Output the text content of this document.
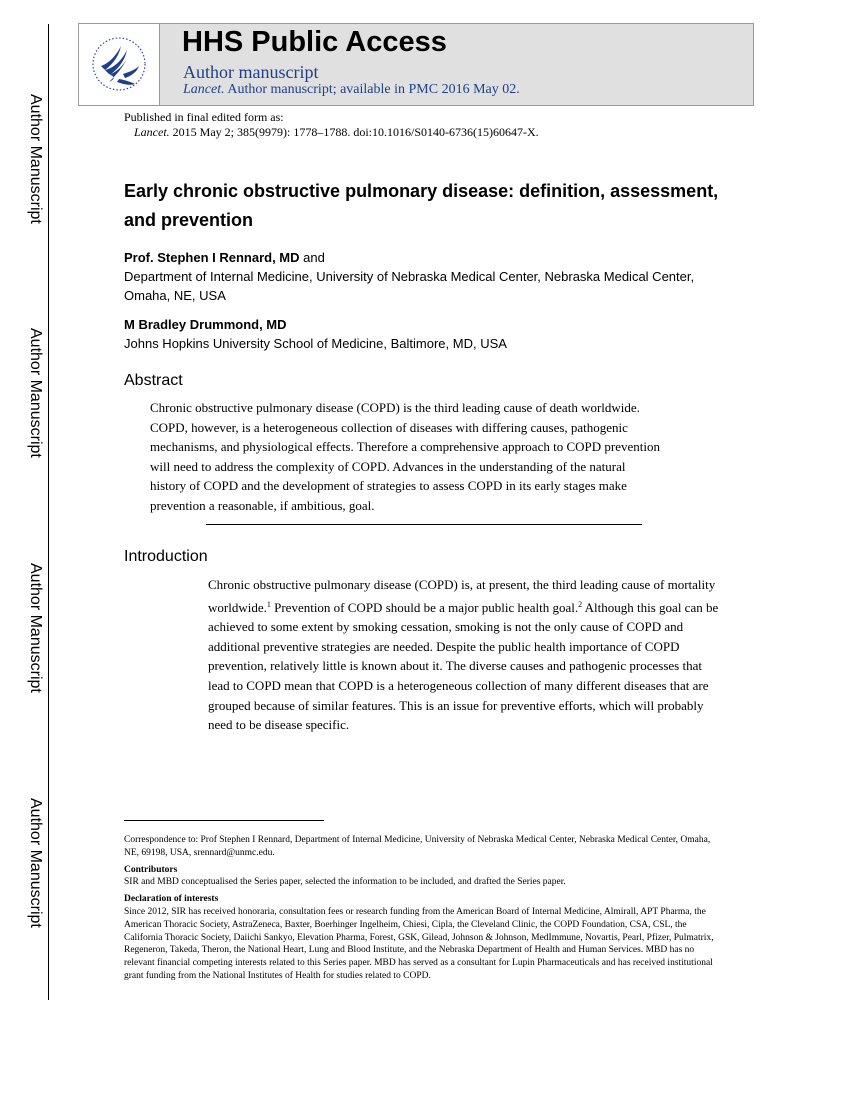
Author Manuscript
Author Manuscript
Author Manuscript
Author Manuscript
HHS Public Access
Author manuscript
Lancet. Author manuscript; available in PMC 2016 May 02.
Published in final edited form as:
Lancet. 2015 May 2; 385(9979): 1778–1788. doi:10.1016/S0140-6736(15)60647-X.
Early chronic obstructive pulmonary disease: definition, assessment, and prevention
Prof. Stephen I Rennard, MD and
Department of Internal Medicine, University of Nebraska Medical Center, Nebraska Medical Center, Omaha, NE, USA
M Bradley Drummond, MD
Johns Hopkins University School of Medicine, Baltimore, MD, USA
Abstract
Chronic obstructive pulmonary disease (COPD) is the third leading cause of death worldwide. COPD, however, is a heterogeneous collection of diseases with differing causes, pathogenic mechanisms, and physiological effects. Therefore a comprehensive approach to COPD prevention will need to address the complexity of COPD. Advances in the understanding of the natural history of COPD and the development of strategies to assess COPD in its early stages make prevention a reasonable, if ambitious, goal.
Introduction
Chronic obstructive pulmonary disease (COPD) is, at present, the third leading cause of mortality worldwide.$^1$ Prevention of COPD should be a major public health goal.$^2$ Although this goal can be achieved to some extent by smoking cessation, smoking is not the only cause of COPD and additional preventive strategies are needed. Despite the public health importance of COPD prevention, relatively little is known about it. The diverse causes and pathogenic processes that lead to COPD mean that COPD is a heterogeneous collection of many different diseases that are grouped because of similar features. This is an issue for preventive efforts, which will probably need to be disease specific.

Correspondence to: Prof Stephen I Rennard, Department of Internal Medicine, University of Nebraska Medical Center, Nebraska Medical Center, Omaha, NE, 69198, USA, srennard@unmc.edu.

Contributors

SIR and MBD conceptualised the Series paper, selected the information to be included, and drafted the Series paper.

Declaration of interests

Since 2012, SIR has received honoraria, consultation fees or research funding from the American Board of Internal Medicine, Almirall, APT Pharma, the American Thoracic Society, AstraZeneca, Baxter, Boerhinger Ingelheim, Chiesi, Cipla, the Cleveland Clinic, the COPD Foundation, CSA, CSL, the California Thoracic Society, Daiichi Sankyo, Elevation Pharma, Forest, GSK, Gilead, Johnson & Johnson, MedImmune, Novartis, Pearl, Pfizer, Pulmatrix, Regeneron, Takeda, Theron, the National Heart, Lung and Blood Institute, and the Nebraska Department of Health and Human Services. MBD has no relevant financial competing interests related to this Series paper. MBD has served as a consultant for Lupin Pharmaceuticals and has received institutional grant funding from the National Institutes of Health for studies related to COPD.
